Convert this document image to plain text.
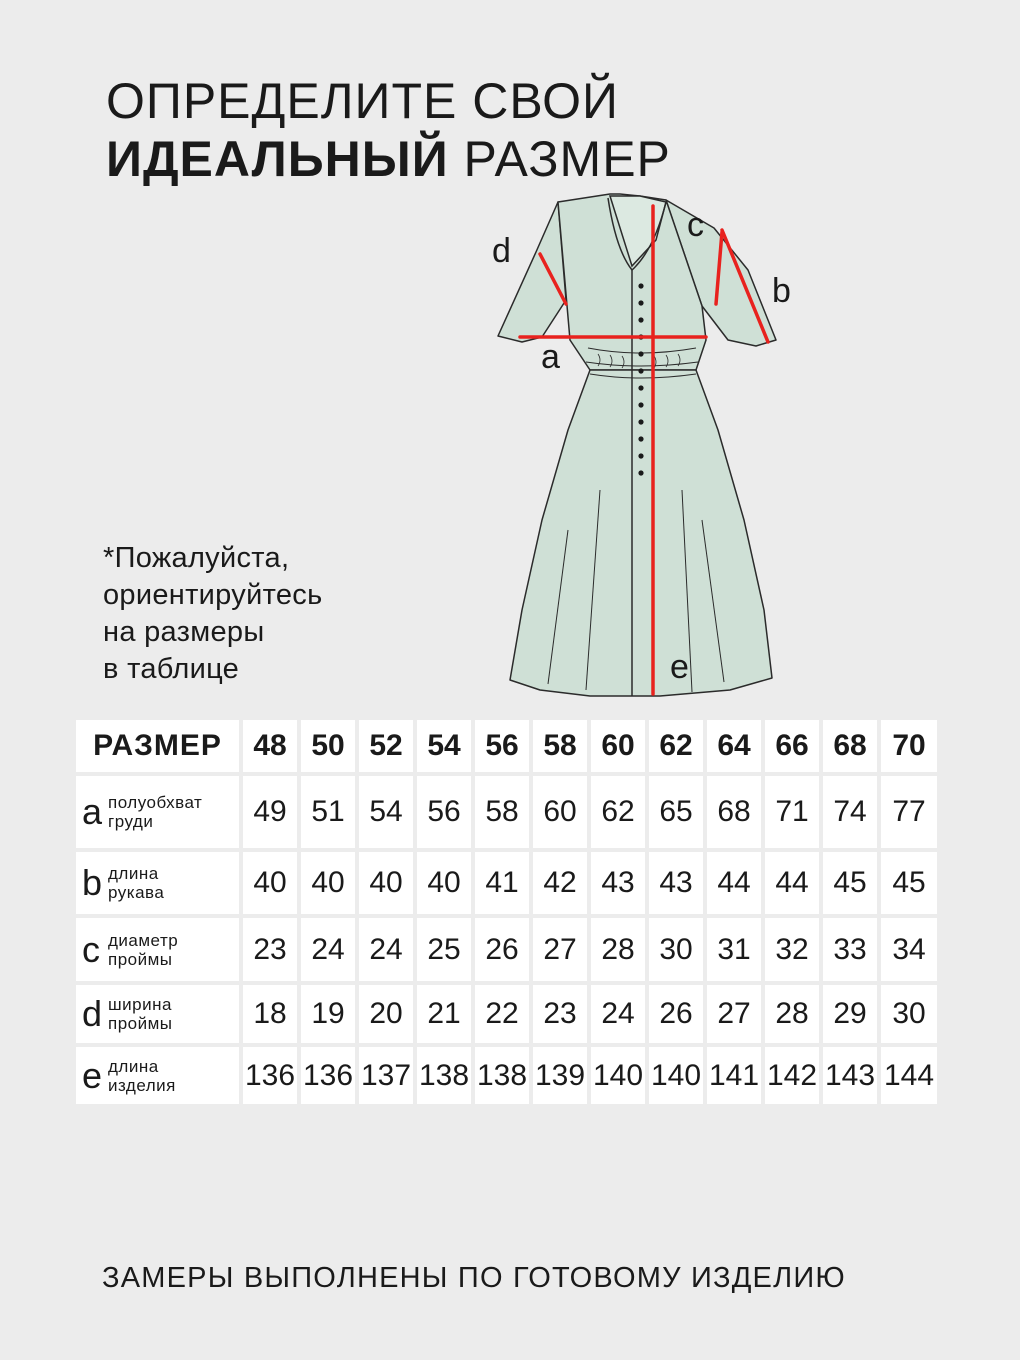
ОПРЕДЕЛИТЕ СВОЙ
ИДЕАЛЬНЫЙ РАЗМЕР
*Пожалуйста,
ориентируйтесь
на размеры
в таблице
d
c
b
a
e
РАЗМЕР	48	50	52	54	56	58	60	62	64	66	68	70

a полуобхват
груди	49	51	54	56	58	60	62	65	68	71	74	77

b длина
рукава	40	40	40	40	41	42	43	43	44	44	45	45

c диаметр
проймы	23	24	24	25	26	27	28	30	31	32	33	34

d ширина
проймы	18	19	20	21	22	23	24	26	27	28	29	30

e длина
изделия	136	136	137	138	138	139	140	140	141	142	143	144
ЗАМЕРЫ ВЫПОЛНЕНЫ ПО ГОТОВОМУ ИЗДЕЛИЮ
